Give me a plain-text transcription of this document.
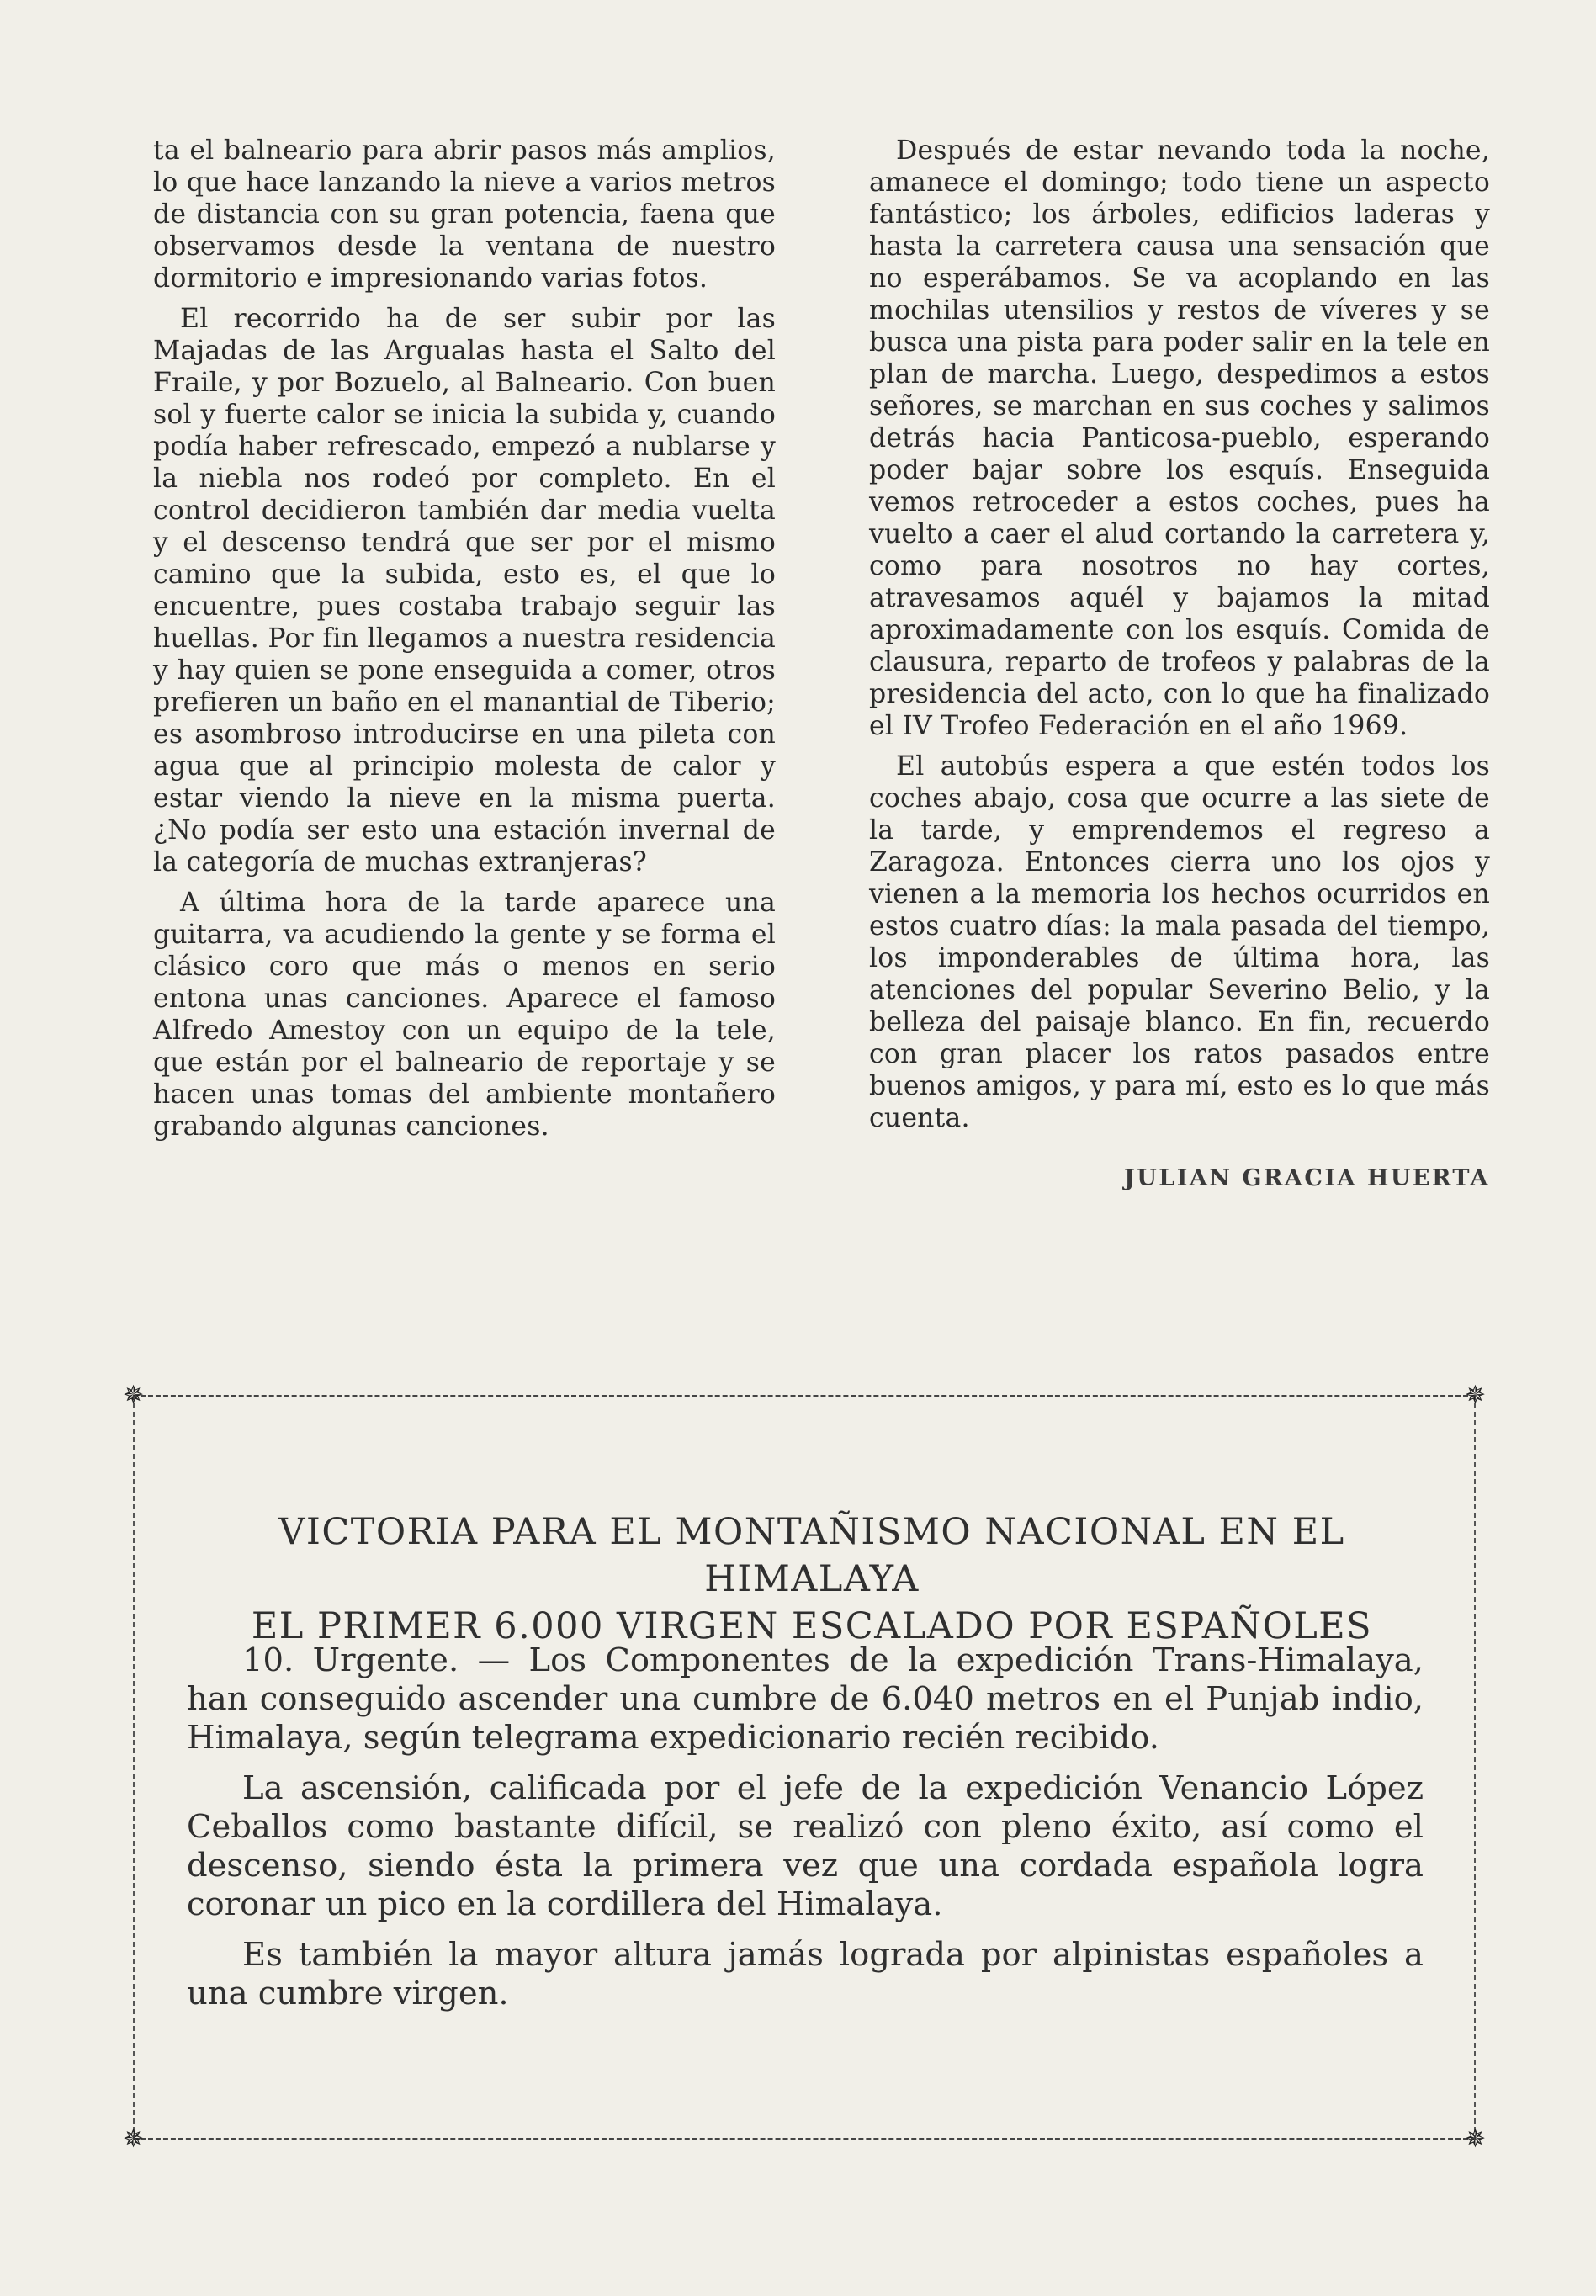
ta el balneario para abrir pasos más amplios, lo que hace lanzando la nieve a varios metros de distancia con su gran potencia, faena que observamos desde la ventana de nuestro dormitorio e impresionando varias fotos.

El recorrido ha de ser subir por las Majadas de las Argualas hasta el Salto del Fraile, y por Bozuelo, al Balneario. Con buen sol y fuerte calor se inicia la subida y, cuando podía haber refrescado, empezó a nublarse y la niebla nos rodeó por completo. En el control decidieron también dar media vuelta y el descenso tendrá que ser por el mismo camino que la subida, esto es, el que lo encuentre, pues costaba trabajo seguir las huellas. Por fin llegamos a nuestra residencia y hay quien se pone enseguida a comer, otros prefieren un baño en el manantial de Tiberio; es asombroso introducirse en una pileta con agua que al principio molesta de calor y estar viendo la nieve en la misma puerta. ¿No podía ser esto una estación invernal de la categoría de muchas extranjeras?

A última hora de la tarde aparece una guitarra, va acudiendo la gente y se forma el clásico coro que más o menos en serio entona unas canciones. Aparece el famoso Alfredo Amestoy con un equipo de la tele, que están por el balneario de reportaje y se hacen unas tomas del ambiente montañero grabando algunas canciones.

Después de estar nevando toda la noche, amanece el domingo; todo tiene un aspecto fantástico; los árboles, edificios laderas y hasta la carretera causa una sensación que no esperábamos. Se va acoplando en las mochilas utensilios y restos de víveres y se busca una pista para poder salir en la tele en plan de marcha. Luego, despedimos a estos señores, se marchan en sus coches y salimos detrás hacia Panticosa-pueblo, esperando poder bajar sobre los esquís. Enseguida vemos retroceder a estos coches, pues ha vuelto a caer el alud cortando la carretera y, como para nosotros no hay cortes, atravesamos aquél y bajamos la mitad aproximadamente con los esquís. Comida de clausura, reparto de trofeos y palabras de la presidencia del acto, con lo que ha finalizado el IV Trofeo Federación en el año 1969.

El autobús espera a que estén todos los coches abajo, cosa que ocurre a las siete de la tarde, y emprendemos el regreso a Zaragoza. Entonces cierra uno los ojos y vienen a la memoria los hechos ocurridos en estos cuatro días: la mala pasada del tiempo, los imponderables de última hora, las atenciones del popular Severino Belio, y la belleza del paisaje blanco. En fin, recuerdo con gran placer los ratos pasados entre buenos amigos, y para mí, esto es lo que más cuenta.

JULIAN GRACIA HUERTA
✵	✵
✵	✵
VICTORIA PARA EL MONTAÑISMO NACIONAL EN EL HIMALAYA
EL PRIMER 6.000 VIRGEN ESCALADO POR ESPAÑOLES

10. Urgente. — Los Componentes de la expedición Trans-Himalaya, han conseguido ascender una cumbre de 6.040 metros en el Punjab indio, Himalaya, según telegrama expedicionario recién recibido.

La ascensión, calificada por el jefe de la expedición Venancio López Ceballos como bastante difícil, se realizó con pleno éxito, así como el descenso, siendo ésta la primera vez que una cordada española logra coronar un pico en la cordillera del Himalaya.

Es también la mayor altura jamás lograda por alpinistas españoles a una cumbre virgen.
